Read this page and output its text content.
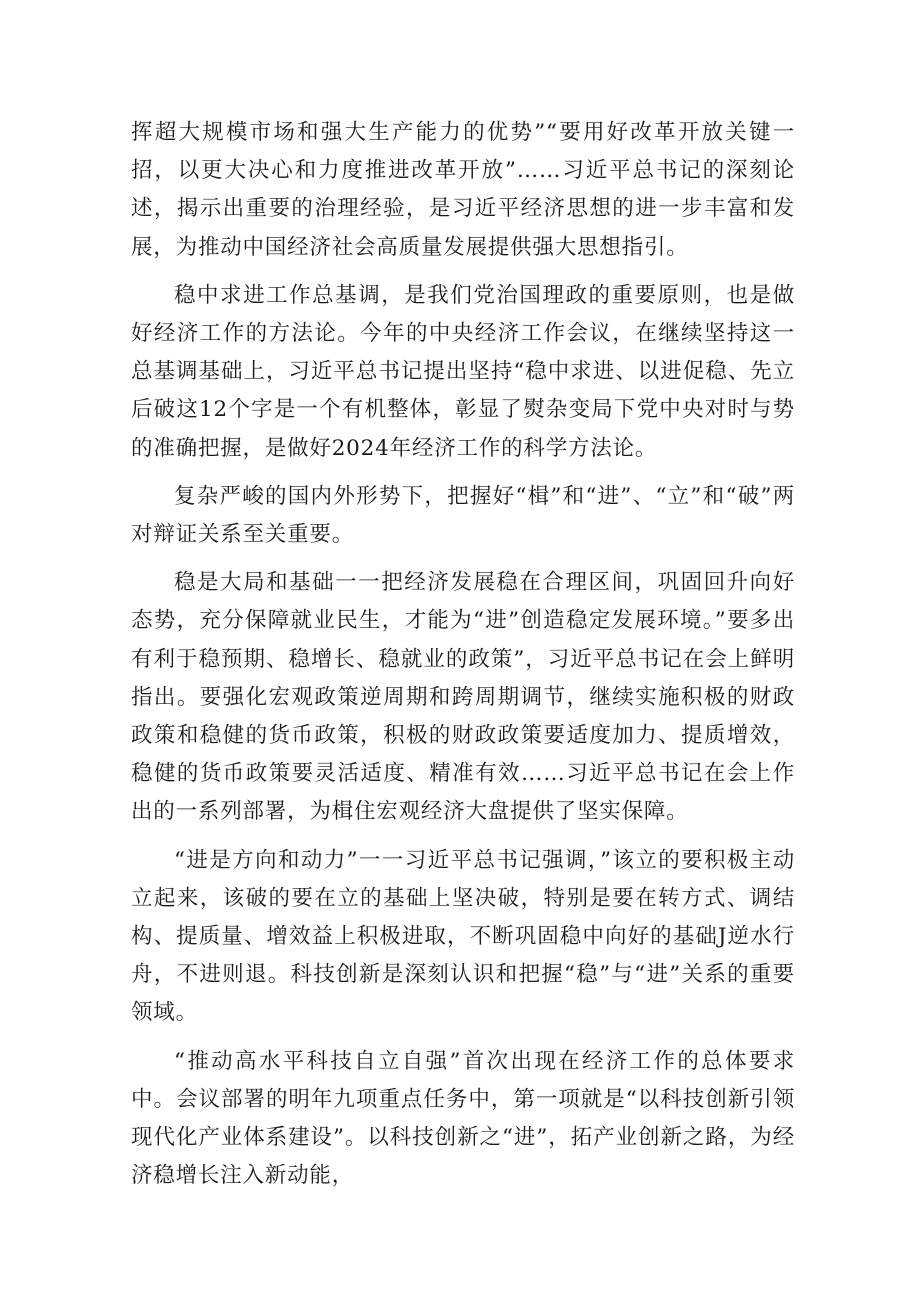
挥超大规模市场和强大生产能力的优势”“要用好改革开放关键一招，以更大决心和力度推进改革开放”……习近平总书记的深刻论述，揭示出重要的治理经验，是习近平经济思想的进一步丰富和发展，为推动中国经济社会高质量发展提供强大思想指引。

稳中求进工作总基调，是我们党治国理政的重要原则，也是做好经济工作的方法论。今年的中央经济工作会议，在继续坚持这一总基调基础上，习近平总书记提出坚持“稳中求进、以进促稳、先立后破这12个字是一个有机整体，彰显了熨杂变局下党中央对时与势的准确把握，是做好2024年经济工作的科学方法论。

复杂严峻的国内外形势下，把握好“楫”和“进”、“立”和“破”两对辩证关系至关重要。

稳是大局和基础一一把经济发展稳在合理区间，巩固回升向好态势，充分保障就业民生，才能为“进”创造稳定发展环境。”要多出有利于稳预期、稳增长、稳就业的政策”，习近平总书记在会上鲜明指出。要强化宏观政策逆周期和跨周期调节，继续实施积极的财政政策和稳健的货币政策，积极的财政政策要适度加力、提质增效，稳健的货币政策要灵活适度、精准有效……习近平总书记在会上作出的一系列部署，为楫住宏观经济大盘提供了坚实保障。

“进是方向和动力”一一习近平总书记强调，”该立的要积极主动立起来，该破的要在立的基础上坚决破，特别是要在转方式、调结构、提质量、增效益上积极进取，不断巩固稳中向好的基础J逆水行舟，不进则退。科技创新是深刻认识和把握“稳”与“进”关系的重要领域。

“推动高水平科技自立自强”首次出现在经济工作的总体要求中。会议部署的明年九项重点任务中，第一项就是“以科技创新引领现代化产业体系建设”。以科技创新之“进”，拓产业创新之路，为经济稳增长注入新动能，
